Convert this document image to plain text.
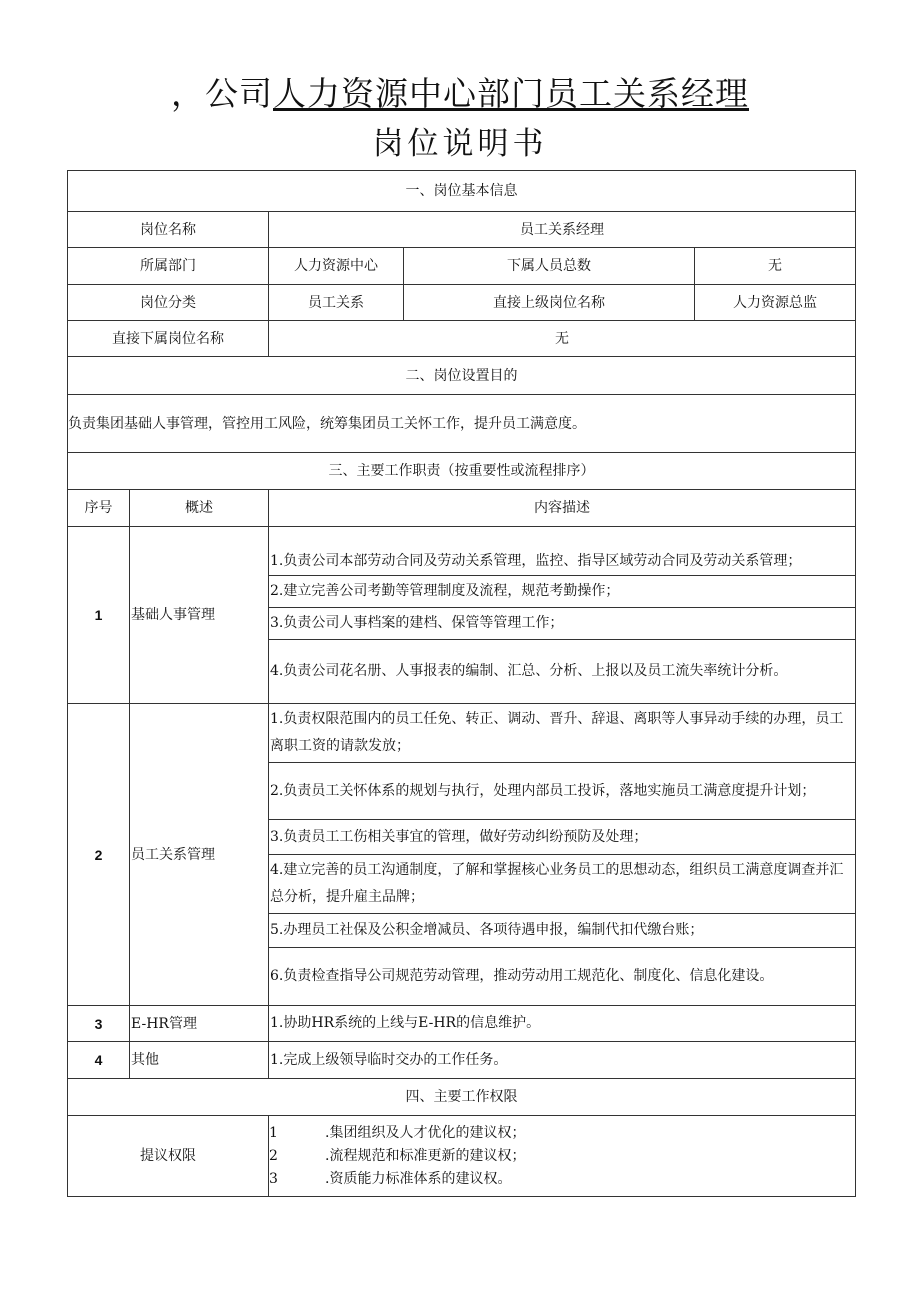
，公司人力资源中心部门员工关系经理
岗位说明书
一、岗位基本信息				
岗位名称		员工关系经理		
所属部门		人力资源中心	下属人员总数	无
岗位分类		员工关系	直接上级岗位名称	人力资源总监
直接下属岗位名称		无		
二、岗位设置目的				
负责集团基础人事管理，管控用工风险，统筹集团员工关怀工作，提升员工满意度。				
三、主要工作职责（按重要性或流程排序）				
序号	概述	内容描述		
1	基础人事管理	1.负责公司本部劳动合同及劳动关系管理，监控、指导区域劳动合同及劳动关系管理；		
		2.建立完善公司考勤等管理制度及流程，规范考勤操作；		
		3.负责公司人事档案的建档、保管等管理工作；		
		4.负责公司花名册、人事报表的编制、汇总、分析、上报以及员工流失率统计分析。		
2	员工关系管理	1.负责权限范围内的员工任免、转正、调动、晋升、辞退、离职等人事异动手续的办理，员工离职工资的请款发放；		
		2.负责员工关怀体系的规划与执行，处理内部员工投诉，落地实施员工满意度提升计划；		
		3.负责员工工伤相关事宜的管理，做好劳动纠纷预防及处理；		
		4.建立完善的员工沟通制度，了解和掌握核心业务员工的思想动态，组织员工满意度调查并汇总分析，提升雇主品牌；		
		5.办理员工社保及公积金增减员、各项待遇申报，编制代扣代缴台账；		
		6.负责检查指导公司规范劳动管理，推动劳动用工规范化、制度化、信息化建设。		
3	E-HR管理	1.协助HR系统的上线与E-HR的信息维护。		
4	其他	1.完成上级领导临时交办的工作任务。		
四、主要工作权限				
提议权限		1 .集团组织及人才优化的建议权；
2 .流程规范和标准更新的建议权；
3 .资质能力标准体系的建议权。		
